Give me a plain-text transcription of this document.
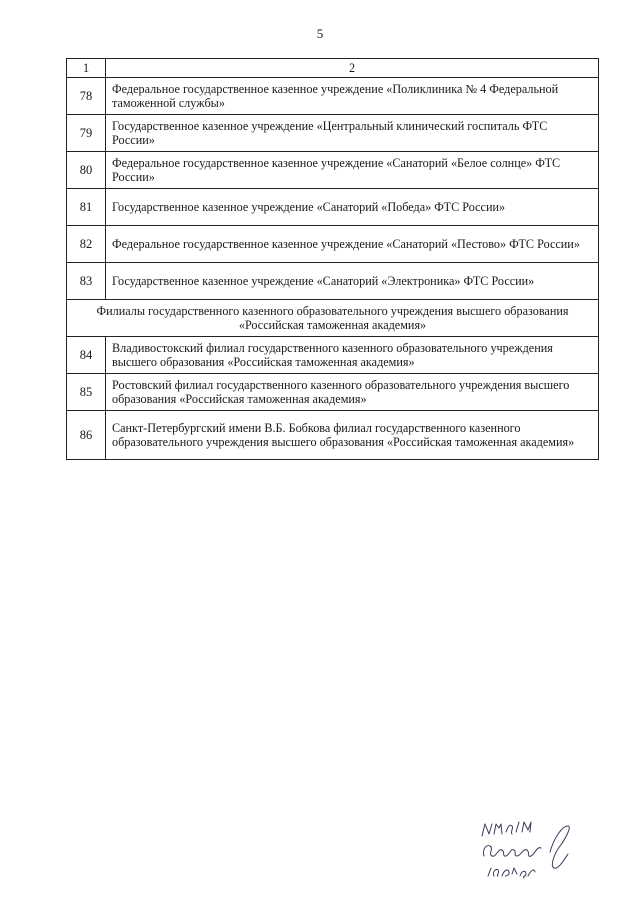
5
1	2
78	Федеральное государственное казенное учреждение «Поликлиника № 4 Федеральной таможенной службы»
79	Государственное казенное учреждение «Центральный клинический госпиталь ФТС России»
80	Федеральное государственное казенное учреждение «Санаторий «Белое солнце» ФТС России»
81	Государственное казенное учреждение «Санаторий «Победа» ФТС России»
82	Федеральное государственное казенное учреждение «Санаторий «Пестово» ФТС России»
83	Государственное казенное учреждение «Санаторий «Электроника» ФТС России»
Филиалы государственного казенного образовательного учреждения высшего образования «Российская таможенная академия»	
84	Владивостокский филиал государственного казенного образовательного учреждения высшего образования «Российская таможенная академия»
85	Ростовский филиал государственного казенного образовательного учреждения высшего образования «Российская таможенная академия»
86	Санкт-Петербургский имени В.Б. Бобкова филиал государственного казенного образовательного учреждения высшего образования «Российская таможенная академия»
